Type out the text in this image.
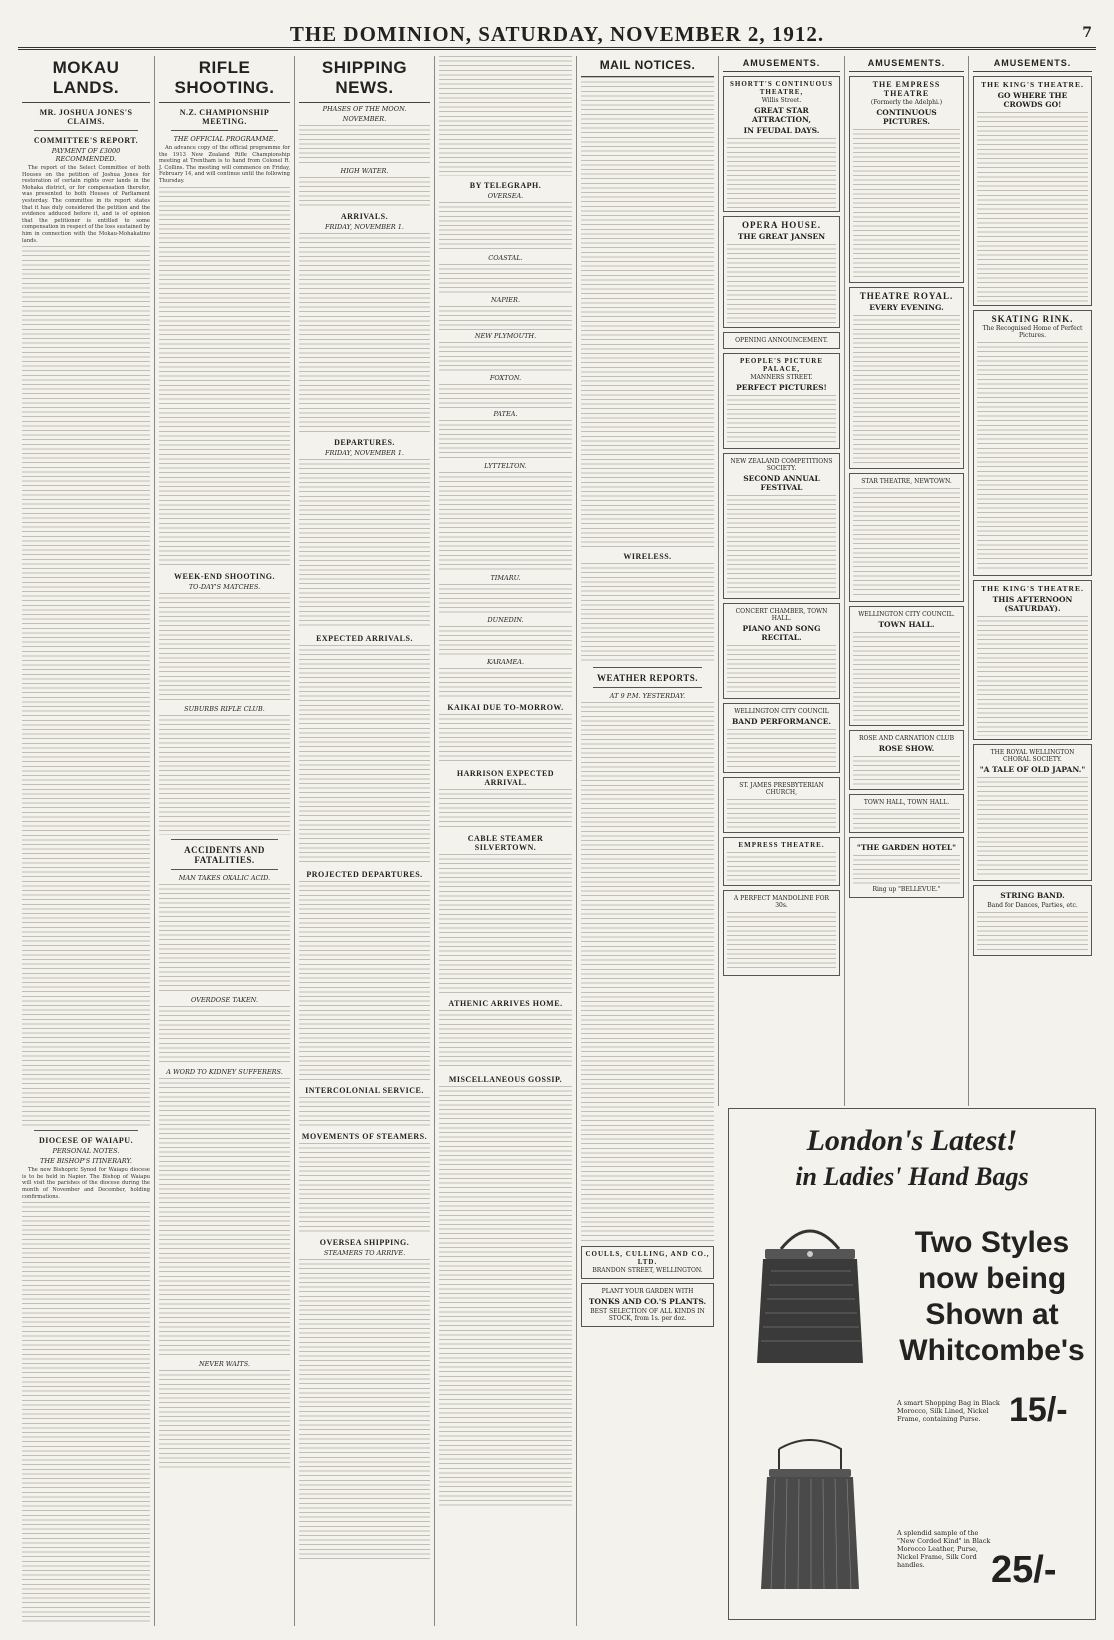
THE DOMINION, SATURDAY, NOVEMBER 2, 1912.	7
MOKAU LANDS.
MR. JOSHUA JONES'S CLAIMS.
COMMITTEE'S REPORT.
PAYMENT OF £3000 RECOMMENDED.

The report of the Select Committee of both Houses on the petition of Joshua Jones for restoration of certain rights over lands in the Mohaka district, or for compensation therefor, was presented to both Houses of Parliament yesterday. The committee in its report states that it has duly considered the petition and the evidence adduced before it, and is of opinion that the petitioner is entitled to some compensation in respect of the loss sustained by him in connection with the Mokau-Mohakatino lands.

DIOCESE OF WAIAPU.
PERSONAL NOTES.
THE BISHOP'S ITINERARY.

The new Bishopric Synod for Waiapu diocese is to be held in Napier. The Bishop of Waiapu will visit the parishes of the diocese during the month of November and December, holding confirmations.

RIFLE SHOOTING.
N.Z. CHAMPIONSHIP MEETING.
THE OFFICIAL PROGRAMME.

An advance copy of the official programme for the 1913 New Zealand Rifle Championship meeting at Trentham is to hand from Colonel R. J. Collins. The meeting will commence on Friday, February 14, and will continue until the following Thursday.

WEEK-END SHOOTING.
TO-DAY'S MATCHES.
SUBURBS RIFLE CLUB.
ACCIDENTS AND FATALITIES.
MAN TAKES OXALIC ACID.
OVERDOSE TAKEN.
A WORD TO KIDNEY SUFFERERS.
NEVER WAITS.
SHIPPING NEWS.
PHASES OF THE MOON.
NOVEMBER.
HIGH WATER.
ARRIVALS.
FRIDAY, NOVEMBER 1.
DEPARTURES.
FRIDAY, NOVEMBER 1.
EXPECTED ARRIVALS.
PROJECTED DEPARTURES.
INTERCOLONIAL SERVICE.
MOVEMENTS OF STEAMERS.
OVERSEA SHIPPING.
STEAMERS TO ARRIVE.
BY TELEGRAPH.
OVERSEA.
COASTAL.
NAPIER.
NEW PLYMOUTH.
FOXTON.
PATEA.
LYTTELTON.
TIMARU.
DUNEDIN.
KARAMEA.
KAIKAI DUE TO-MORROW.
HARRISON EXPECTED ARRIVAL.
CABLE STEAMER SILVERTOWN.
ATHENIC ARRIVES HOME.
MISCELLANEOUS GOSSIP.
MAIL NOTICES.
WIRELESS.
WEATHER REPORTS.
AT 9 P.M. YESTERDAY.
COULLS, CULLING, AND CO., LTD.
BRANDON STREET, WELLINGTON.
PLANT YOUR GARDEN WITH
TONKS AND CO.'S PLANTS.
BEST SELECTION OF ALL KINDS IN STOCK, from 1s. per doz.
AMUSEMENTS.
SHORTT'S CONTINUOUS THEATRE,
Willis Street.
GREAT STAR ATTRACTION,
IN FEUDAL DAYS.
OPERA HOUSE.
THE GREAT JANSEN
OPENING ANNOUNCEMENT.
PEOPLE'S PICTURE PALACE,
MANNERS STREET.
PERFECT PICTURES!
NEW ZEALAND COMPETITIONS SOCIETY.
SECOND ANNUAL FESTIVAL
CONCERT CHAMBER, TOWN HALL.
PIANO AND SONG RECITAL.
WELLINGTON CITY COUNCIL
BAND PERFORMANCE.
ST. JAMES PRESBYTERIAN CHURCH,
EMPRESS THEATRE.
A PERFECT MANDOLINE FOR 30s.
AMUSEMENTS.
THE EMPRESS THEATRE
(Formerly the Adelphi.)
CONTINUOUS PICTURES.
THEATRE ROYAL.
EVERY EVENING.
STAR THEATRE, NEWTOWN.
WELLINGTON CITY COUNCIL.
TOWN HALL.
ROSE AND CARNATION CLUB
ROSE SHOW.
TOWN HALL, TOWN HALL.
"THE GARDEN HOTEL"
Ring up "BELLEVUE."
AMUSEMENTS.
THE KING'S THEATRE.
GO WHERE THE CROWDS GO!
SKATING RINK.
The Recognised Home of Perfect Pictures.
THE KING'S THEATRE.
THIS AFTERNOON (SATURDAY).
THE ROYAL WELLINGTON CHORAL SOCIETY.
"A TALE OF OLD JAPAN."
STRING BAND.
Band for Dances, Parties, etc.
London's Latest!
in Ladies' Hand Bags
Two Styles now being Shown at Whitcombe's
A smart Shopping Bag in Black Morocco, Silk Lined, Nickel Frame, containing Purse. 15/-
A splendid sample of the "New Corded Kind" in Black Morocco Leather, Purse, Nickel Frame, Silk Cord handles.	25/-
